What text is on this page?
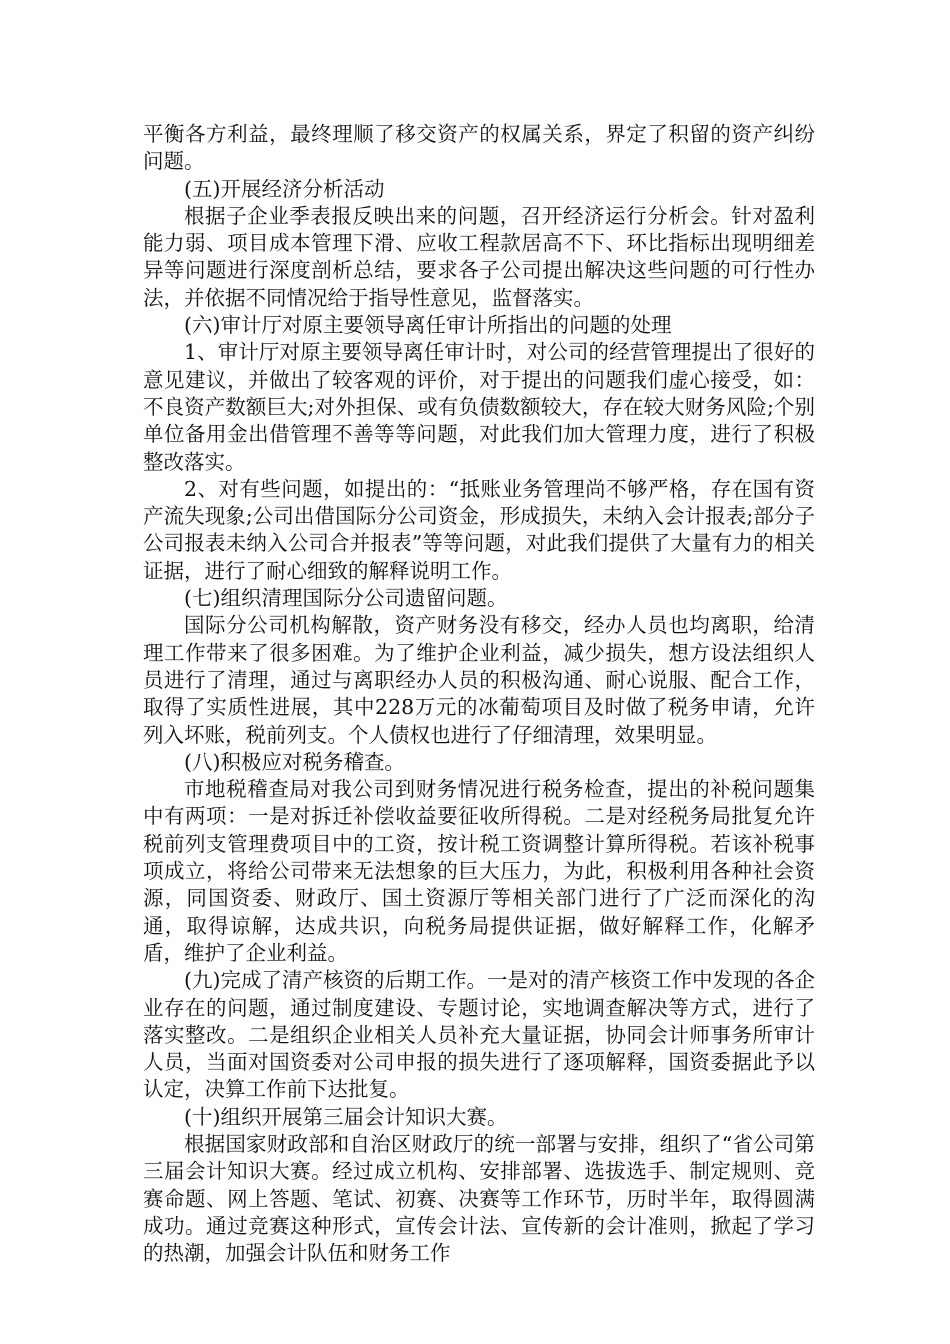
平衡各方利益，最终理顺了移交资产的权属关系，界定了积留的资产纠纷问题。

(五)开展经济分析活动

根据子企业季表报反映出来的问题，召开经济运行分析会。针对盈利能力弱、项目成本管理下滑、应收工程款居高不下、环比指标出现明细差异等问题进行深度剖析总结，要求各子公司提出解决这些问题的可行性办法，并依据不同情况给于指导性意见，监督落实。

(六)审计厅对原主要领导离任审计所指出的问题的处理

1、审计厅对原主要领导离任审计时，对公司的经营管理提出了很好的意见建议，并做出了较客观的评价，对于提出的问题我们虚心接受，如：不良资产数额巨大;对外担保、或有负债数额较大，存在较大财务风险;个别单位备用金出借管理不善等等问题，对此我们加大管理力度，进行了积极整改落实。

2、对有些问题，如提出的：“抵账业务管理尚不够严格，存在国有资产流失现象;公司出借国际分公司资金，形成损失，未纳入会计报表;部分子公司报表未纳入公司合并报表”等等问题，对此我们提供了大量有力的相关证据，进行了耐心细致的解释说明工作。

(七)组织清理国际分公司遗留问题。

国际分公司机构解散，资产财务没有移交，经办人员也均离职，给清理工作带来了很多困难。为了维护企业利益，减少损失，想方设法组织人员进行了清理，通过与离职经办人员的积极沟通、耐心说服、配合工作，取得了实质性进展，其中228万元的冰葡萄项目及时做了税务申请，允许列入坏账，税前列支。个人债权也进行了仔细清理，效果明显。

(八)积极应对税务稽查。

市地税稽查局对我公司到财务情况进行税务检查，提出的补税问题集中有两项：一是对拆迁补偿收益要征收所得税。二是对经税务局批复允许税前列支管理费项目中的工资，按计税工资调整计算所得税。若该补税事项成立，将给公司带来无法想象的巨大压力，为此，积极利用各种社会资源，同国资委、财政厅、国土资源厅等相关部门进行了广泛而深化的沟通，取得谅解，达成共识，向税务局提供证据，做好解释工作，化解矛盾，维护了企业利益。

(九)完成了清产核资的后期工作。一是对的清产核资工作中发现的各企业存在的问题，通过制度建设、专题讨论，实地调查解决等方式，进行了落实整改。二是组织企业相关人员补充大量证据，协同会计师事务所审计人员，当面对国资委对公司申报的损失进行了逐项解释，国资委据此予以认定，决算工作前下达批复。

(十)组织开展第三届会计知识大赛。

根据国家财政部和自治区财政厅的统一部署与安排，组织了“省公司第三届会计知识大赛。经过成立机构、安排部署、选拔选手、制定规则、竞赛命题、网上答题、笔试、初赛、决赛等工作环节，历时半年，取得圆满成功。通过竞赛这种形式，宣传会计法、宣传新的会计准则，掀起了学习的热潮，加强会计队伍和财务工作
